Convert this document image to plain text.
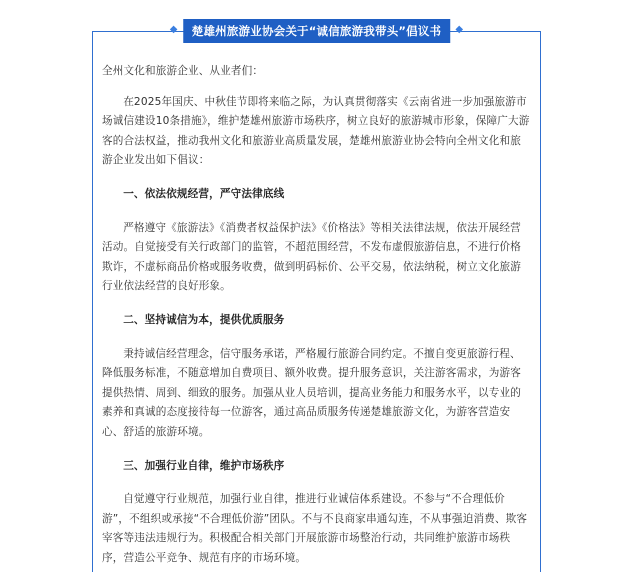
◆ 楚雄州旅游业协会关于“诚信旅游我带头”倡议书 ◆

全州文化和旅游企业、从业者们：

在2025年国庆、中秋佳节即将来临之际，为认真贯彻落实《云南省进一步加强旅游市场诚信建设10条措施》，维护楚雄州旅游市场秩序，树立良好的旅游城市形象，保障广大游客的合法权益，推动我州文化和旅游业高质量发展，楚雄州旅游业协会特向全州文化和旅游企业发出如下倡议：

一、依法依规经营，严守法律底线

严格遵守《旅游法》《消费者权益保护法》《价格法》等相关法律法规，依法开展经营活动。自觉接受有关行政部门的监管，不超范围经营，不发布虚假旅游信息，不进行价格欺诈，不虚标商品价格或服务收费，做到明码标价、公平交易，依法纳税，树立文化旅游行业依法经营的良好形象。

二、坚持诚信为本，提供优质服务

秉持诚信经营理念，信守服务承诺，严格履行旅游合同约定。不擅自变更旅游行程、降低服务标准，不随意增加自费项目、额外收费。提升服务意识，关注游客需求，为游客提供热情、周到、细致的服务。加强从业人员培训，提高业务能力和服务水平，以专业的素养和真诚的态度接待每一位游客，通过高品质服务传递楚雄旅游文化，为游客营造安心、舒适的旅游环境。

三、加强行业自律，维护市场秩序

自觉遵守行业规范，加强行业自律，推进行业诚信体系建设。不参与“不合理低价游”，不组织或承接“不合理低价游”团队。不与不良商家串通勾连，不从事强迫消费、欺客宰客等违法违规行为。积极配合相关部门开展旅游市场整治行动，共同维护旅游市场秩序，营造公平竞争、规范有序的市场环境。
